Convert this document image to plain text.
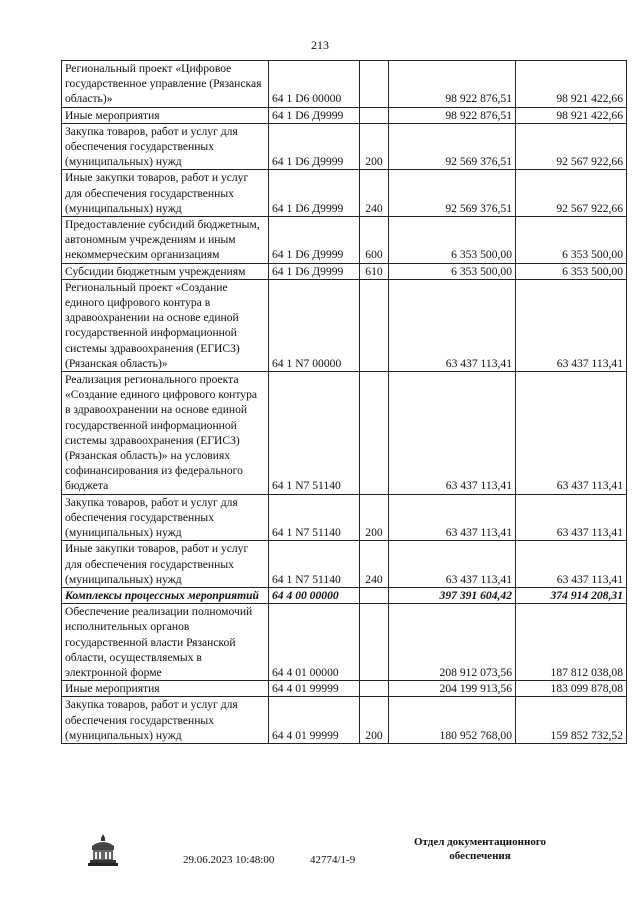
213
Региональный проект «Цифровое государственное управление (Рязанская область)»	64 1 D6 00000		98 922 876,51	98 921 422,66
Иные мероприятия	64 1 D6 Д9999		98 922 876,51	98 921 422,66
Закупка товаров, работ и услуг для обеспечения государственных (муниципальных) нужд	64 1 D6 Д9999	200	92 569 376,51	92 567 922,66
Иные закупки товаров, работ и услуг для обеспечения государственных (муниципальных) нужд	64 1 D6 Д9999	240	92 569 376,51	92 567 922,66
Предоставление субсидий бюджетным, автономным учреждениям и иным некоммерческим организациям	64 1 D6 Д9999	600	6 353 500,00	6 353 500,00
Субсидии бюджетным учреждениям	64 1 D6 Д9999	610	6 353 500,00	6 353 500,00
Региональный проект «Создание единого цифрового контура в здравоохранении на основе единой государственной информационной системы здравоохранения (ЕГИСЗ) (Рязанская область)»	64 1 N7 00000		63 437 113,41	63 437 113,41
Реализация регионального проекта «Создание единого цифрового контура в здравоохранении на основе единой государственной информационной системы здравоохранения (ЕГИСЗ) (Рязанская область)» на условиях софинансирования из федерального бюджета	64 1 N7 51140		63 437 113,41	63 437 113,41
Закупка товаров, работ и услуг для обеспечения государственных (муниципальных) нужд	64 1 N7 51140	200	63 437 113,41	63 437 113,41
Иные закупки товаров, работ и услуг для обеспечения государственных (муниципальных) нужд	64 1 N7 51140	240	63 437 113,41	63 437 113,41
Комплексы процессных мероприятий	64 4 00 00000		397 391 604,42	374 914 208,31
Обеспечение реализации полномочий исполнительных органов государственной власти Рязанской области, осуществляемых в электронной форме	64 4 01 00000		208 912 073,56	187 812 038,08
Иные мероприятия	64 4 01 99999		204 199 913,56	183 099 878,08
Закупка товаров, работ и услуг для обеспечения государственных (муниципальных) нужд	64 4 01 99999	200	180 952 768,00	159 852 732,52
29.06.2023 10:48:00	42774/1-9
Отдел документационного обеспечения
